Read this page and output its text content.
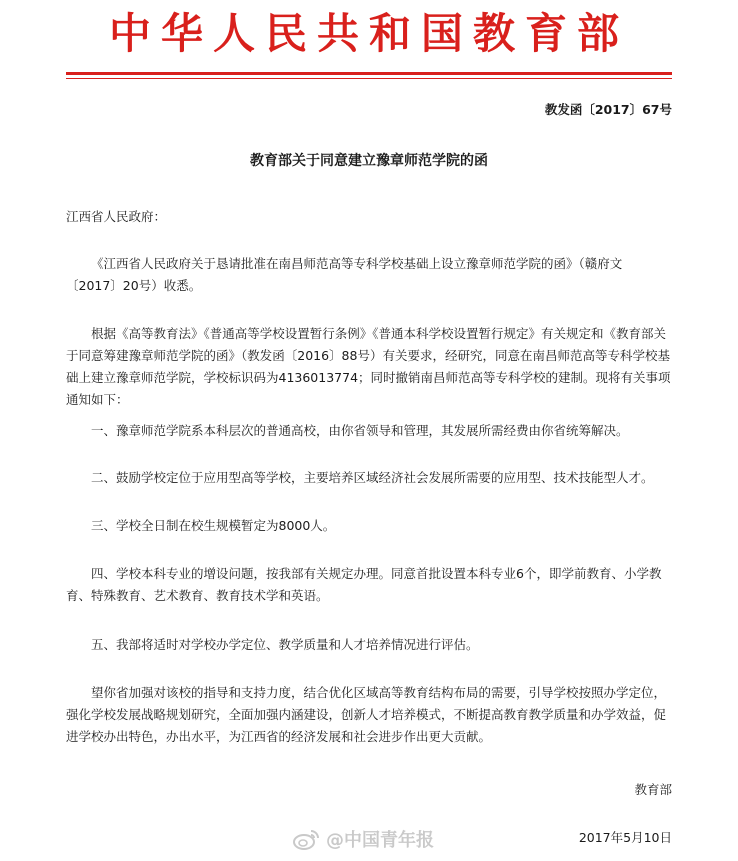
中华人民共和国教育部
教发函〔2017〕67号
教育部关于同意建立豫章师范学院的函

江西省人民政府：

《江西省人民政府关于恳请批准在南昌师范高等专科学校基础上设立豫章师范学院的函》（赣府文〔2017〕20号）收悉。

根据《高等教育法》《普通高等学校设置暂行条例》《普通本科学校设置暂行规定》有关规定和《教育部关于同意筹建豫章师范学院的函》（教发函〔2016〕88号）有关要求，经研究，同意在南昌师范高等专科学校基础上建立豫章师范学院，学校标识码为4136013774；同时撤销南昌师范高等专科学校的建制。现将有关事项通知如下：

一、豫章师范学院系本科层次的普通高校，由你省领导和管理，其发展所需经费由你省统筹解决。

二、鼓励学校定位于应用型高等学校，主要培养区域经济社会发展所需要的应用型、技术技能型人才。

三、学校全日制在校生规模暂定为8000人。

四、学校本科专业的增设问题，按我部有关规定办理。同意首批设置本科专业6个，即学前教育、小学教育、特殊教育、艺术教育、教育技术学和英语。

五、我部将适时对学校办学定位、教学质量和人才培养情况进行评估。

望你省加强对该校的指导和支持力度，结合优化区域高等教育结构布局的需要，引导学校按照办学定位，强化学校发展战略规划研究，全面加强内涵建设，创新人才培养模式，不断提高教育教学质量和办学效益，促进学校办出特色，办出水平，为江西省的经济发展和社会进步作出更大贡献。

教育部
@中国青年报	2017年5月10日
